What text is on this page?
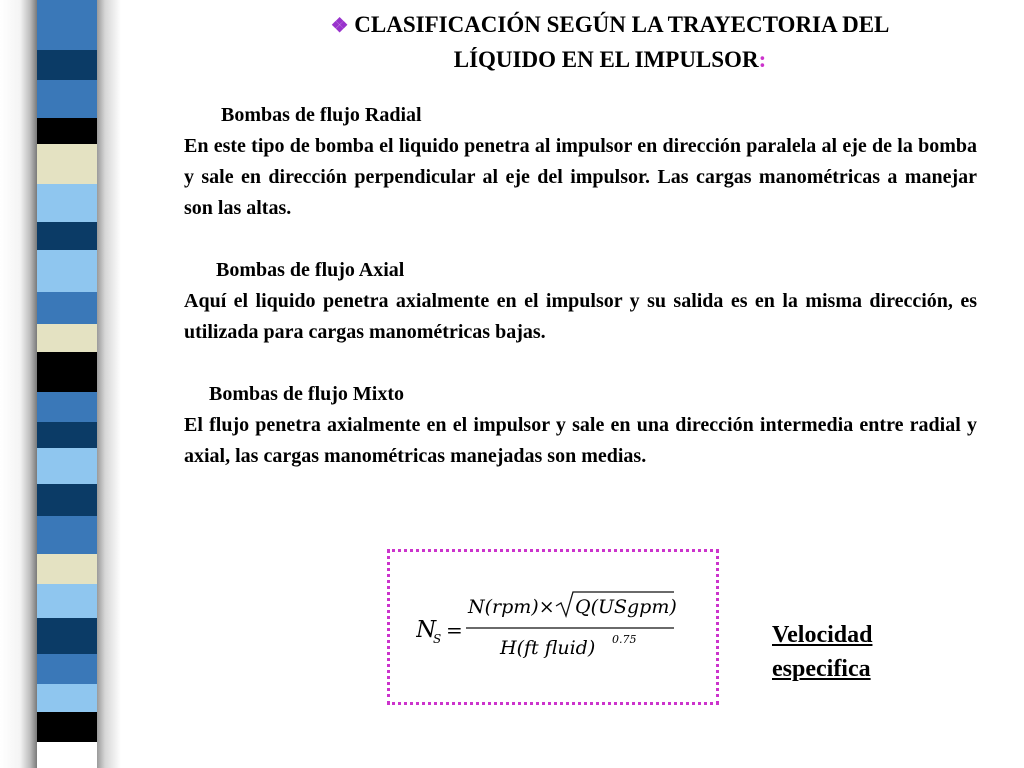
❖ CLASIFICACIÓN SEGÚN LA TRAYECTORIA DEL
LÍQUIDO EN EL IMPULSOR:
Bombas de flujo Radial

En este tipo de bomba el liquido penetra al impulsor en dirección paralela al eje de la bomba y sale en dirección perpendicular al eje del impulsor. Las cargas manométricas a manejar son las altas.

Bombas de flujo Axial

Aquí el liquido penetra axialmente en el impulsor y su salida es en la misma dirección, es utilizada para cargas manométricas bajas.

Bombas de flujo Mixto

El flujo penetra axialmente en el impulsor y sale en una dirección intermedia entre radial y axial, las cargas manométricas manejadas son medias.

N
S =
N(rpm)× Q(USgpm)
H(ft fluid) 0.75	Velocidad
especifica
